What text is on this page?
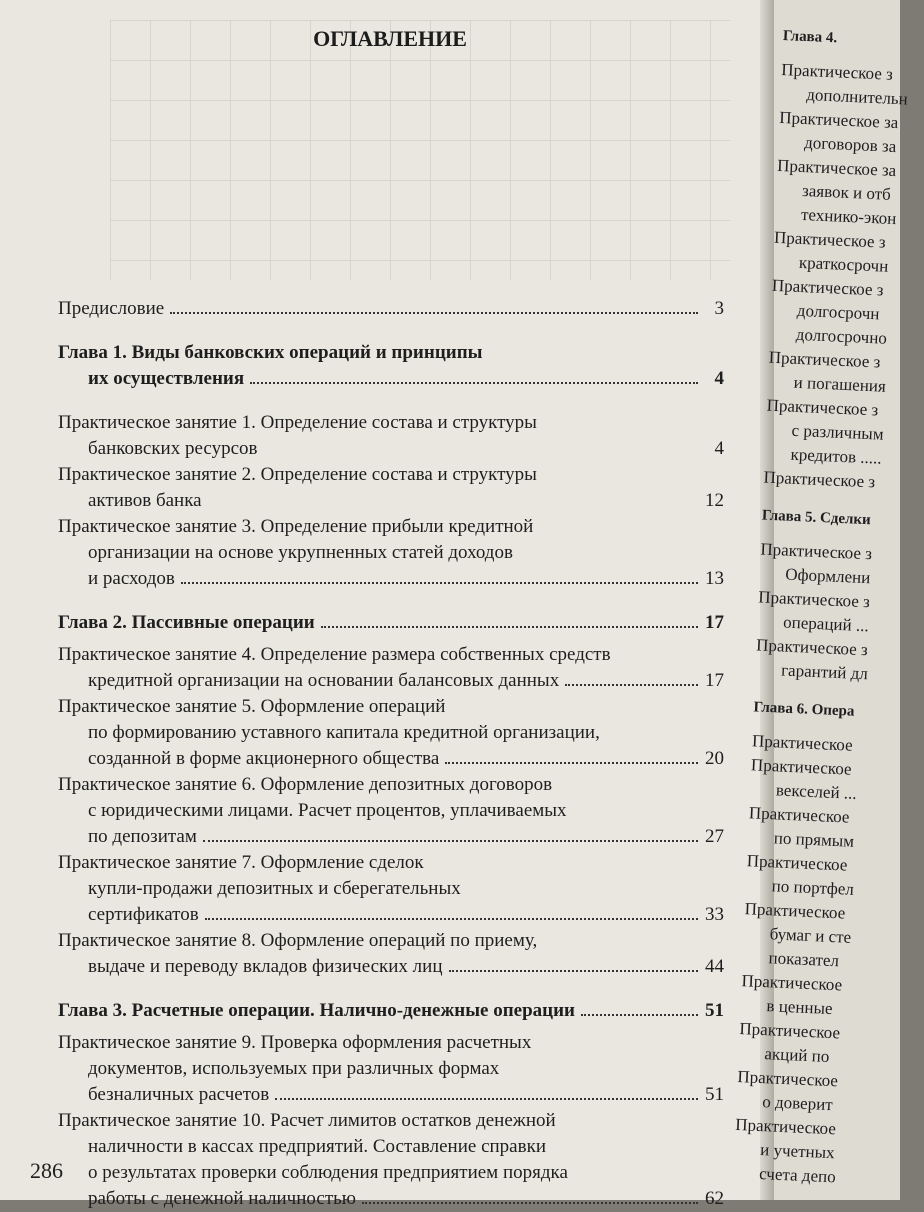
ОГЛАВЛЕНИЕ
Предисловие	3
Глава 1. Виды банковских операций и принципы
их осуществления	4
Практическое занятие 1. Определение состава и структуры
банковских ресурсов	4
Практическое занятие 2. Определение состава и структуры
активов банка	12
Практическое занятие 3. Определение прибыли кредитной
организации на основе укрупненных статей доходов
и расходов	13
Глава 2. Пассивные операции	17
Практическое занятие 4. Определение размера собственных средств
кредитной организации на основании балансовых данных	17
Практическое занятие 5. Оформление операций
по формированию уставного капитала кредитной организации,
созданной в форме акционерного общества	20
Практическое занятие 6. Оформление депозитных договоров
с юридическими лицами. Расчет процентов, уплачиваемых
по депозитам	27
Практическое занятие 7. Оформление сделок
купли-продажи депозитных и сберегательных
сертификатов	33
Практическое занятие 8. Оформление операций по приему,
выдаче и переводу вкладов физических лиц	44
Глава 3. Расчетные операции. Налично-денежные операции	51
Практическое занятие 9. Проверка оформления расчетных
документов, используемых при различных формах
безналичных расчетов	51
Практическое занятие 10. Расчет лимитов остатков денежной
наличности в кассах предприятий. Составление справки
о результатах проверки соблюдения предприятием порядка
работы с денежной наличностью	62
286
Глава 4.
Практическое з
дополнительн
Практическое за
договоров за
Практическое за
заявок и отб
технико-экон
Практическое з
краткосрочн
Практическое з
долгосрочн
долгосрочно
Практическое з
и погашения
Практическое з
с различным
кредитов .....
Практическое з
Глава 5. Сделки
Практическое з
Оформлени
Практическое з
операций ...
Практическое з
гарантий дл
Глава 6. Опера
Практическое
Практическое
векселей ...
Практическое
по прямым
Практическое
по портфел
Практическое
бумаг и сте
показател
Практическое
в ценные
Практическое
акций по
Практическое
о доверит
Практическое
и учетных
счета депо
